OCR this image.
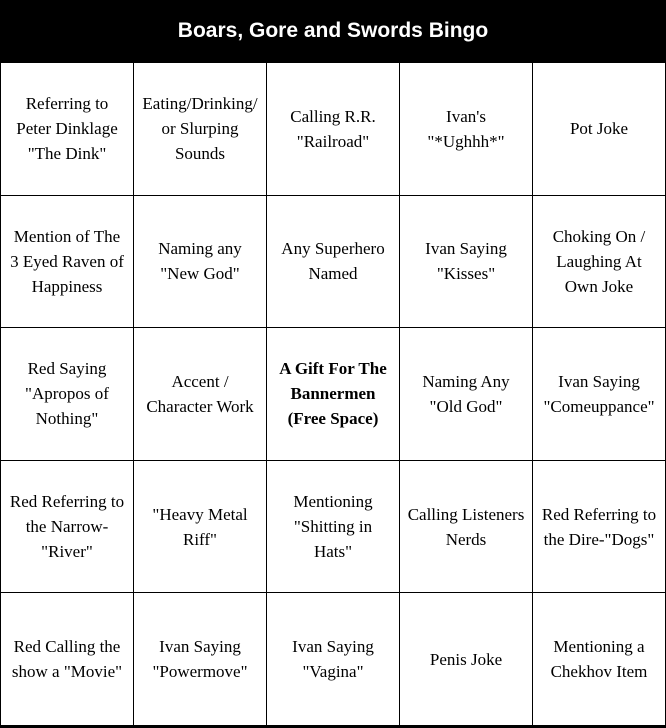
Boars, Gore and Swords Bingo
Referring to
Peter Dinklage
"The Dink"
Eating/Drinking/
or Slurping
Sounds
Calling R.R.
"Railroad"
Ivan's
"*Ughhh*"
Pot Joke
Mention of The
3 Eyed Raven of
Happiness
Naming any
"New God"
Any Superhero
Named
Ivan Saying
"Kisses"
Choking On /
Laughing At
Own Joke
Red Saying
"Apropos of
Nothing"
Accent /
Character Work
A Gift For The
Bannermen
(Free Space)
Naming Any
"Old God"
Ivan Saying
"Comeuppance"
Red Referring to
the Narrow-
"River"
"Heavy Metal
Riff"
Mentioning
"Shitting in
Hats"
Calling Listeners
Nerds
Red Referring to
the Dire-"Dogs"
Red Calling the
show a "Movie"
Ivan Saying
"Powermove"
Ivan Saying
"Vagina"
Penis Joke
Mentioning a
Chekhov Item
